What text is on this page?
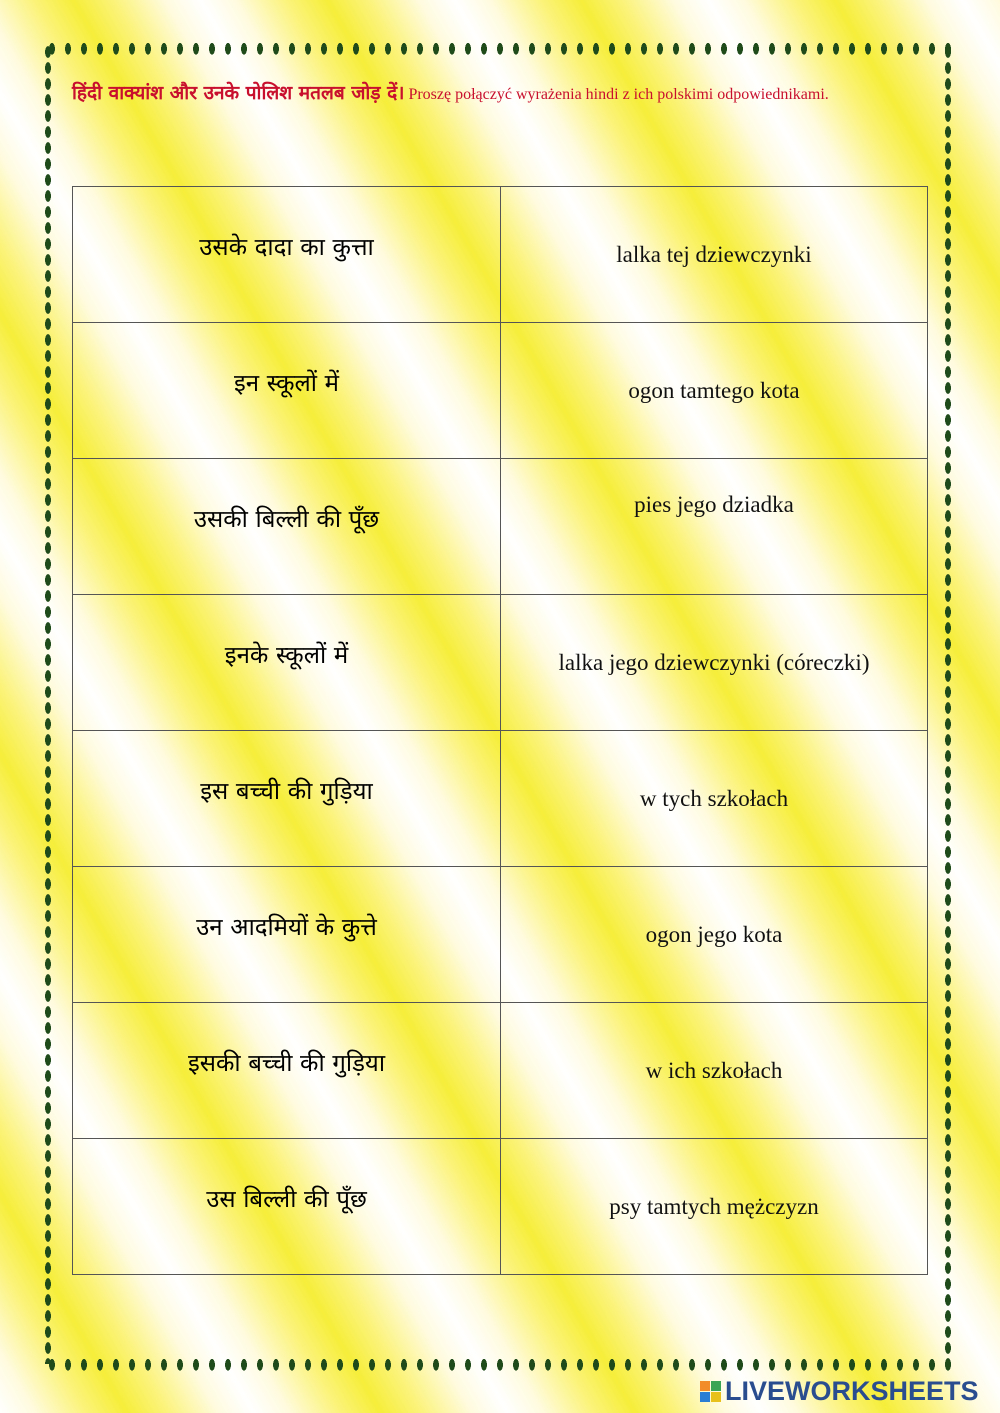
हिंदी वाक्यांश और उनके पोलिश मतलब जोड़ दें। Proszę połączyć wyrażenia hindi z ich polskimi odpowiednikami.
उसके दादा का कुत्ता	lalka tej dziewczynki
इन स्कूलों में	ogon tamtego kota
उसकी बिल्ली की पूँछ	pies jego dziadka
इनके स्कूलों में	lalka jego dziewczynki (córeczki)
इस बच्ची की गुड़िया	w tych szkołach
उन आदमियों के कुत्ते	ogon jego kota
इसकी बच्ची की गुड़िया	w ich szkołach
उस बिल्ली की पूँछ	psy tamtych mężczyzn
LIVEWORKSHEETS
